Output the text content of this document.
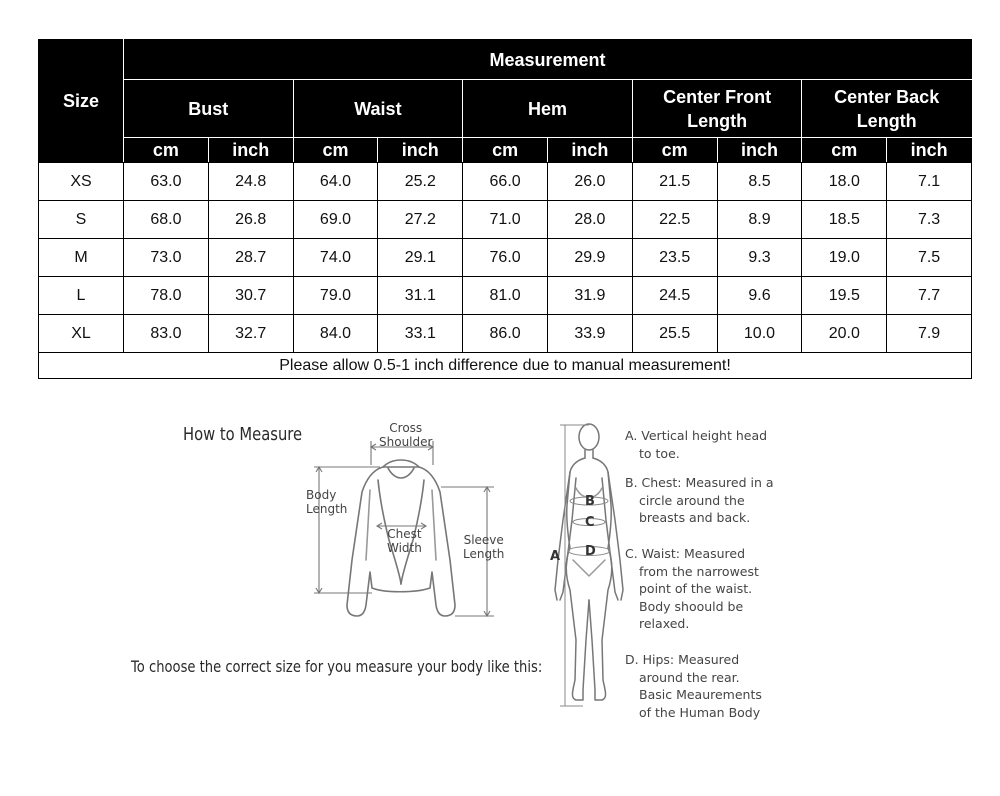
Size	Measurement									
	Bust		Waist		Hem		Center Front Length		Center Back Length	
	cm	inch	cm	inch	cm	inch	cm	inch	cm	inch
XS	63.0	24.8	64.0	25.2	66.0	26.0	21.5	8.5	18.0	7.1
S	68.0	26.8	69.0	27.2	71.0	28.0	22.5	8.9	18.5	7.3
M	73.0	28.7	74.0	29.1	76.0	29.9	23.5	9.3	19.0	7.5
L	78.0	30.7	79.0	31.1	81.0	31.9	24.5	9.6	19.5	7.7
XL	83.0	32.7	84.0	33.1	86.0	33.9	25.5	10.0	20.0	7.9
Please allow 0.5-1 inch difference due to manual measurement!										
How to Measure	Cross
Shoulder
Body
Length
Chest
Width
Sleeve
Length
To choose the correct size for you measure your body like this:
A
B
C
D
A. Vertical height head
to toe.
B. Chest: Measured in a
circle around the
breasts and back.
C. Waist: Measured
from the narrowest
point of the waist.
Body shoould be
relaxed.
D. Hips: Measured
around the rear.
Basic Meaurements
of the Human Body
